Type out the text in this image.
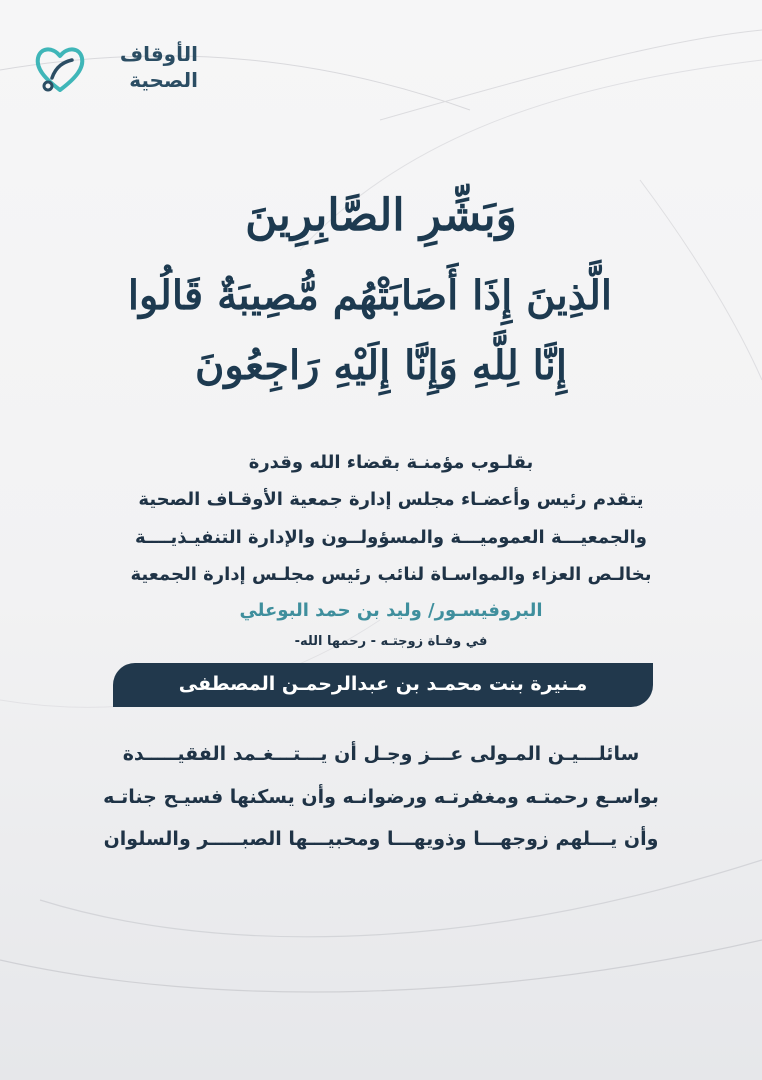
الأوقاف
الصحية
وَبَشِّرِ الصَّابِرِينَ
الَّذِينَ إِذَا أَصَابَتْهُم مُّصِيبَةٌ قَالُوا
إِنَّا لِلَّهِ وَإِنَّا إِلَيْهِ رَاجِعُونَ
بقلـوب مؤمنـة بقضاء الله وقدرة
يتقدم رئيس وأعضـاء مجلس إدارة جمعية الأوقـاف الصحية
والجمعيـــة العموميـــة والمسؤولــون والإدارة التنفيـذيــــة
بخالـص العزاء والمواسـاة لنائب رئيس مجلـس إدارة الجمعية
البروفيسـور/ وليد بن حمد البوعلي
في وفـاة زوجتـه - رحمها الله-
مـنيرة بنت محمـد بن عبدالرحمـن المصطفى
سائلـــيـن المـولى عـــز وجـل أن يـــتـــغـمد الفقيـــــدة
بواسـع رحمتـه ومغفرتـه ورضوانـه وأن يسكنها فسيـح جناتـه
وأن يـــلهم زوجهـــا وذويهـــا ومحبيـــها الصبـــــر والسلوان
